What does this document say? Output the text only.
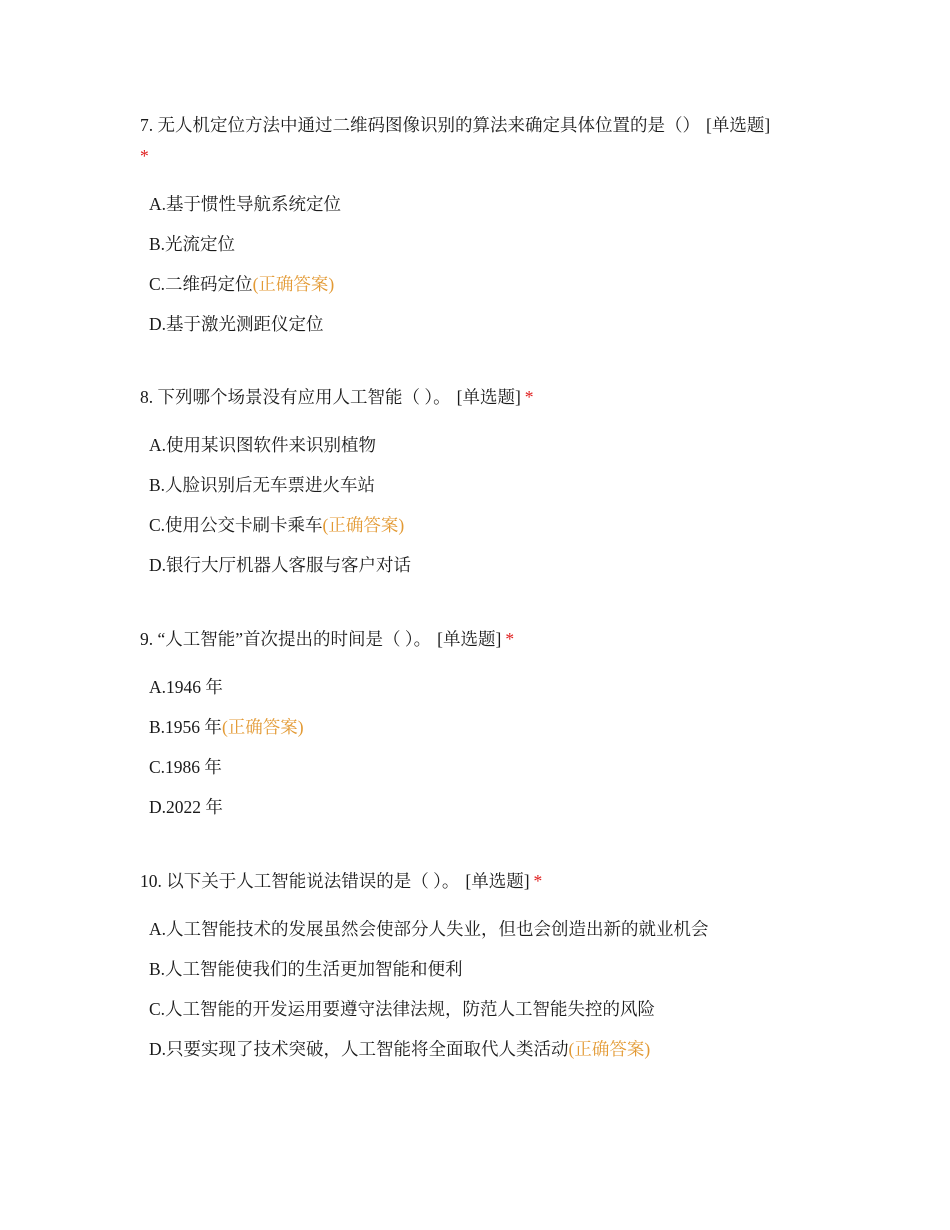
7. 无人机定位方法中通过二维码图像识别的算法来确定具体位置的是（） [单选题]
*

A.基于惯性导航系统定位
B.光流定位
C.二维码定位(正确答案)
D.基于激光测距仪定位

8. 下列哪个场景没有应用人工智能（ ）。 [单选题] *

A.使用某识图软件来识别植物
B.人脸识别后无车票进火车站
C.使用公交卡刷卡乘车(正确答案)
D.银行大厅机器人客服与客户对话

9. “人工智能”首次提出的时间是（ ）。 [单选题] *

A.1946 年
B.1956 年(正确答案)
C.1986 年
D.2022 年

10. 以下关于人工智能说法错误的是（ ）。 [单选题] *

A.人工智能技术的发展虽然会使部分人失业，但也会创造出新的就业机会
B.人工智能使我们的生活更加智能和便利
C.人工智能的开发运用要遵守法律法规，防范人工智能失控的风险
D.只要实现了技术突破，人工智能将全面取代人类活动(正确答案)
